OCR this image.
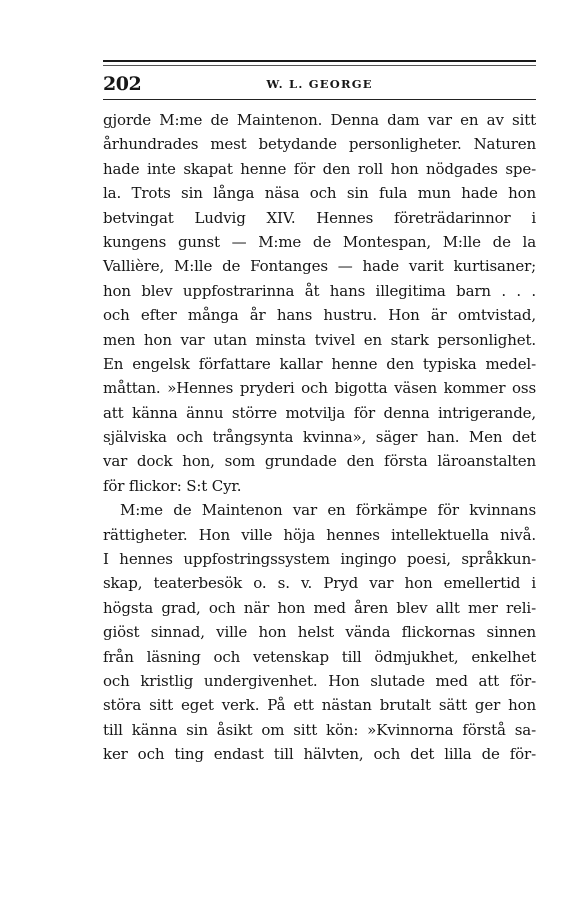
202	W. L. GEORGE
gjorde M:me de Maintenon. Denna dam var en av sitt
århundrades mest betydande personligheter. Naturen
hade inte skapat henne för den roll hon nödgades spe-
la. Trots sin långa näsa och sin fula mun hade hon
betvingat Ludvig XIV. Hennes företrädarinnor i
kungens gunst — M:me de Montespan, M:lle de la
Vallière, M:lle de Fontanges — hade varit kurtisaner;
hon blev uppfostrarinna åt hans illegitima barn . . .
och efter många år hans hustru. Hon är omtvistad,
men hon var utan minsta tvivel en stark personlighet.
En engelsk författare kallar henne den typiska medel-
måttan. »Hennes pryderi och bigotta väsen kommer oss
att känna ännu större motvilja för denna intrigerande,
själviska och trångsynta kvinna», säger han. Men det
var dock hon, som grundade den första läroanstalten
för flickor: S:t Cyr.
M:me de Maintenon var en förkämpe för kvinnans
rättigheter. Hon ville höja hennes intellektuella nivå.
I hennes uppfostringssystem ingingo poesi, språkkun-
skap, teaterbesök o. s. v. Pryd var hon emellertid i
högsta grad, och när hon med åren blev allt mer reli-
giöst sinnad, ville hon helst vända flickornas sinnen
från läsning och vetenskap till ödmjukhet, enkelhet
och kristlig undergivenhet. Hon slutade med att för-
störa sitt eget verk. På ett nästan brutalt sätt ger hon
till känna sin åsikt om sitt kön: »Kvinnorna förstå sa-
ker och ting endast till hälvten, och det lilla de för-
